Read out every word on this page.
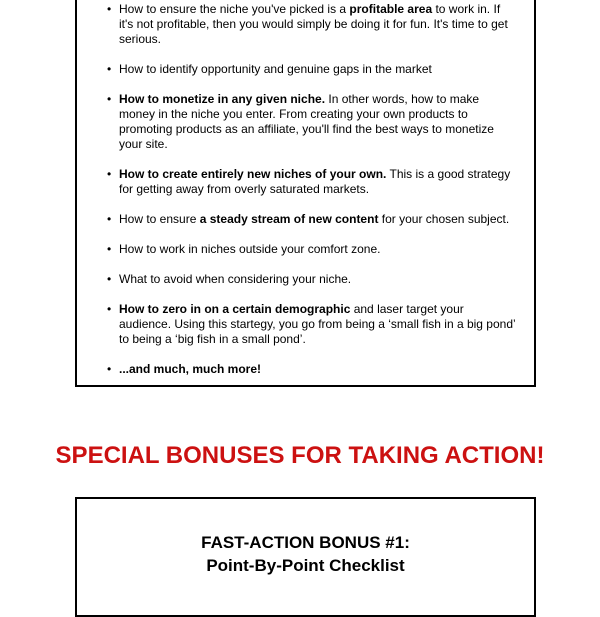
• How to ensure the niche you've picked is a profitable area to work in. If it's not profitable, then you would simply be doing it for fun. It's time to get serious.
• How to identify opportunity and genuine gaps in the market
• How to monetize in any given niche. In other words, how to make money in the niche you enter. From creating your own products to promoting products as an affiliate, you'll find the best ways to monetize your site.
• How to create entirely new niches of your own. This is a good strategy for getting away from overly saturated markets.
• How to ensure a steady stream of new content for your chosen subject.
• How to work in niches outside your comfort zone.
• What to avoid when considering your niche.
• How to zero in on a certain demographic and laser target your audience. Using this startegy, you go from being a ‘small fish in a big pond’ to being a ‘big fish in a small pond’.
• ...and much, much more!
SPECIAL BONUSES FOR TAKING ACTION!

FAST-ACTION BONUS #1:

Point-By-Point Checklist
